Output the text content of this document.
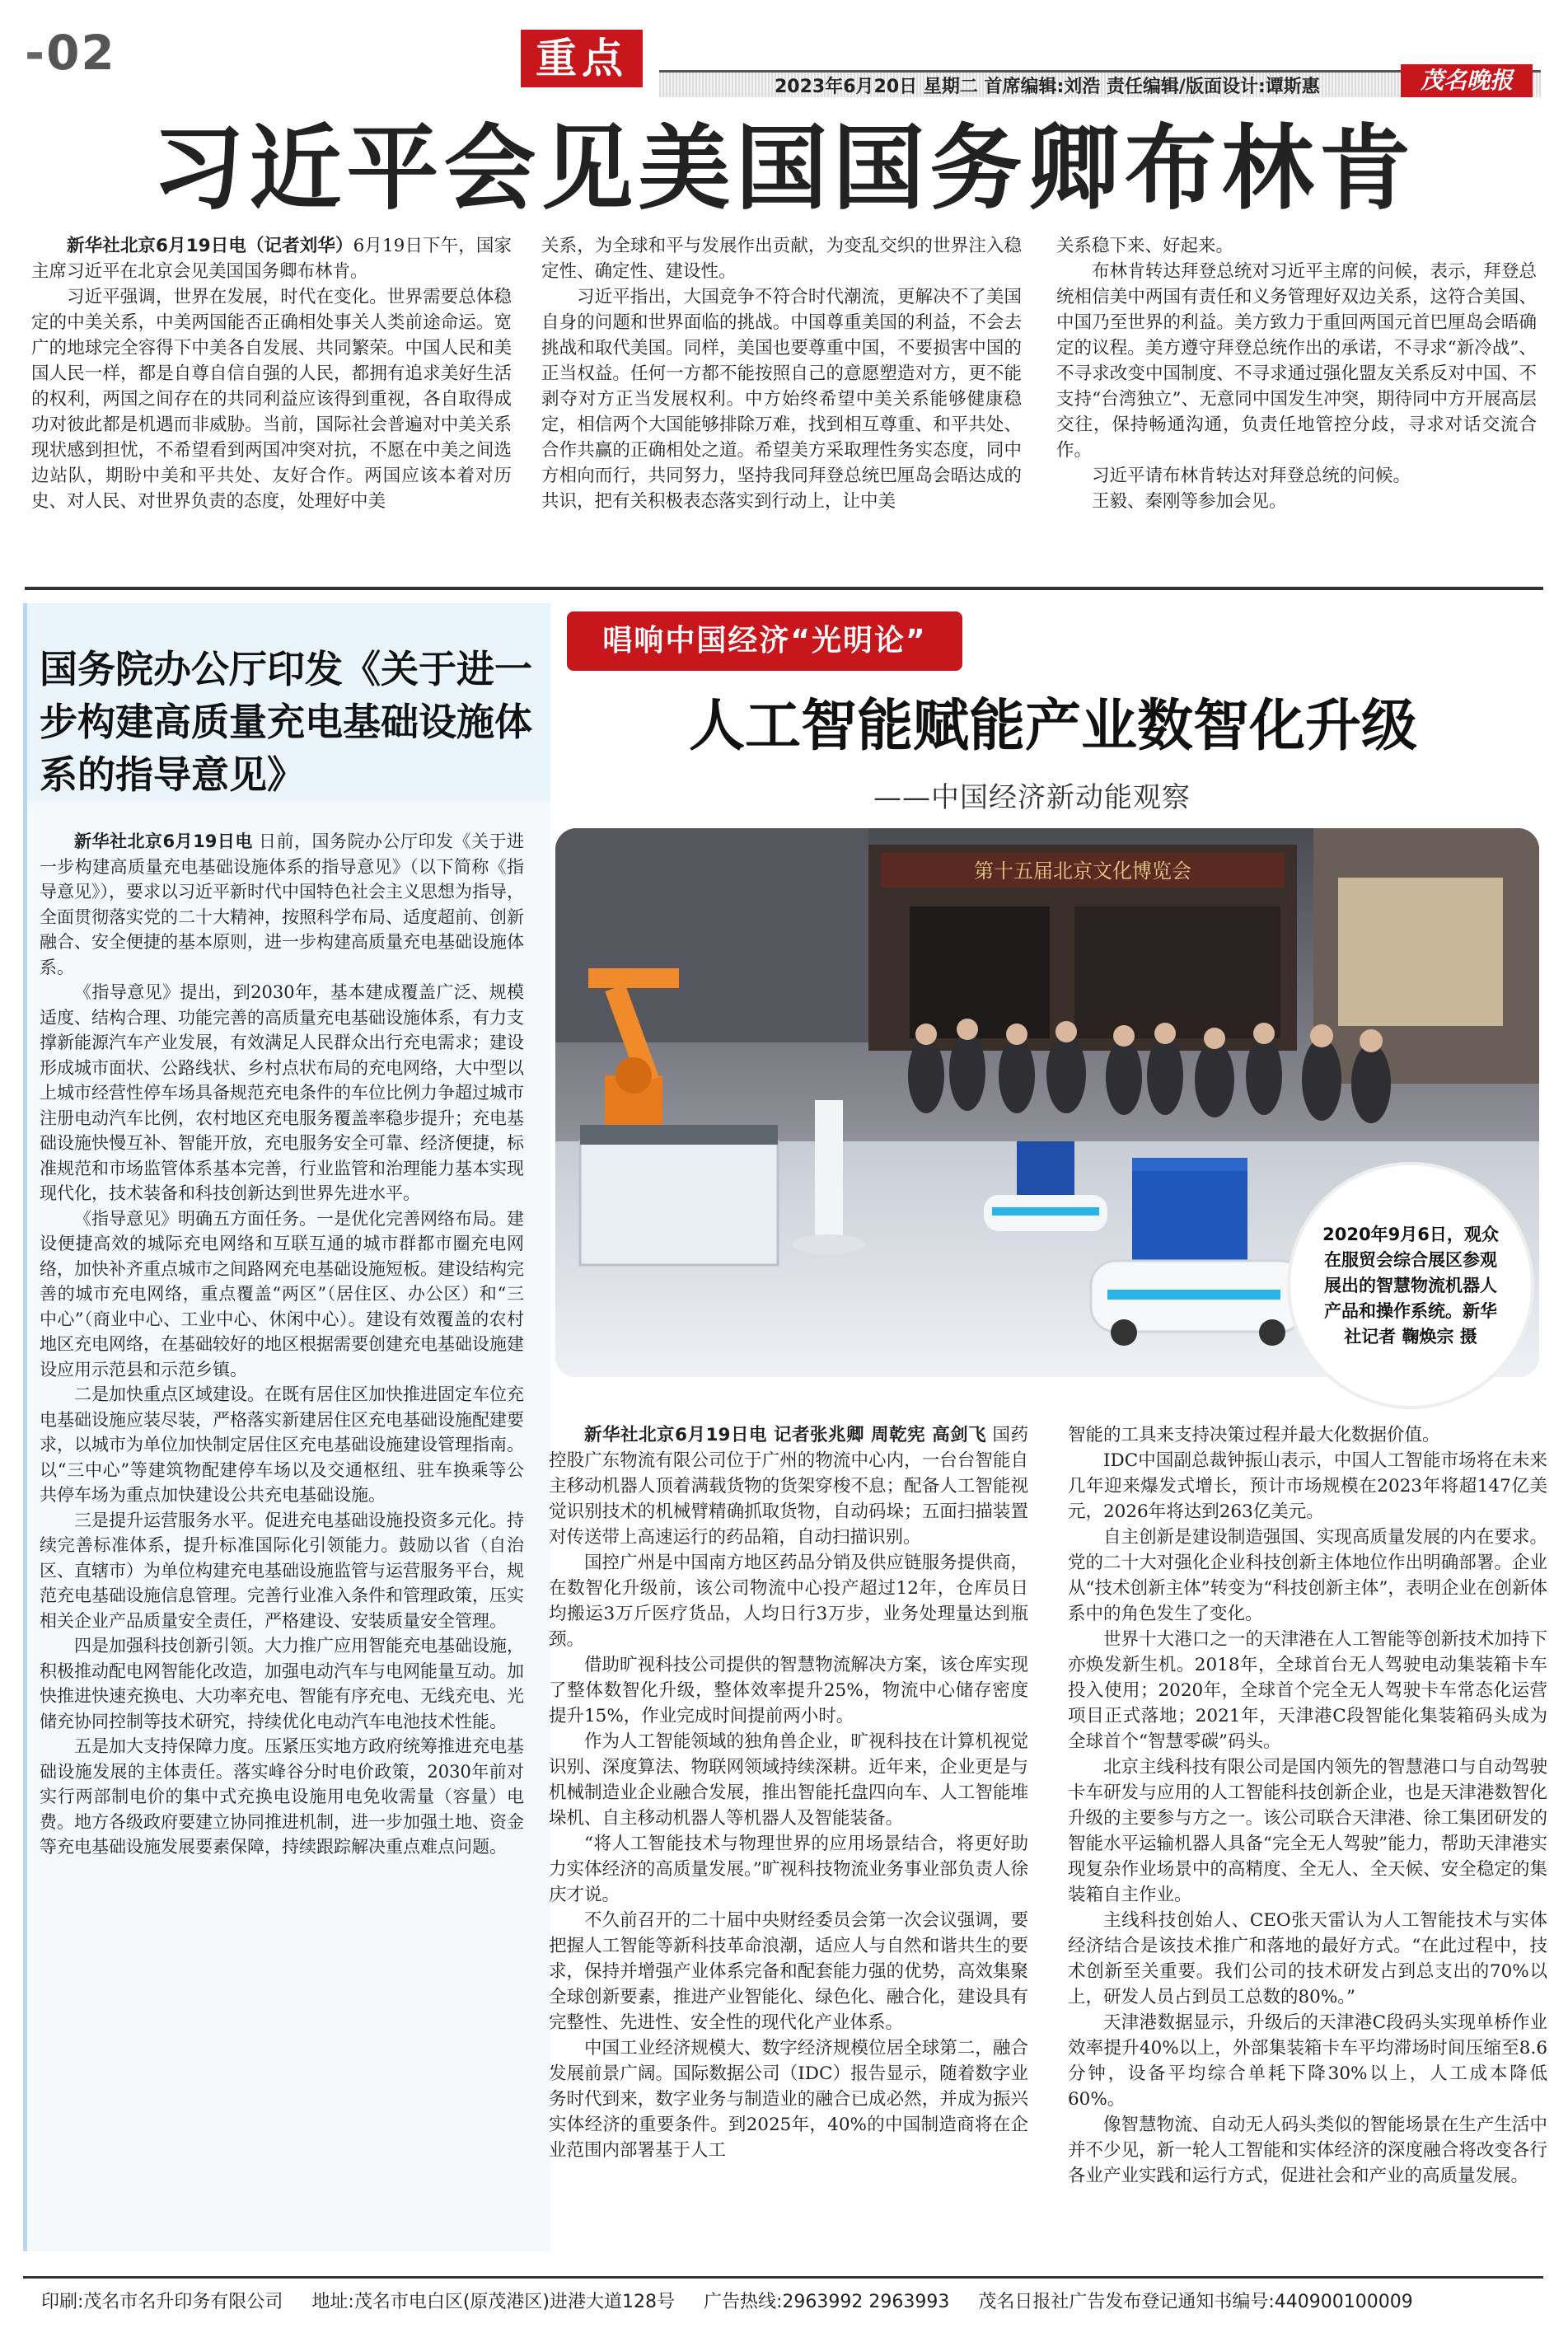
-02	重点
2023年6月20日 星期二 首席编辑:刘浩 责任编辑/版面设计:谭斯惠	茂名晚报
习近平会见美国国务卿布林肯

新华社北京6月19日电（记者刘华）6月19日下午，国家主席习近平在北京会见美国国务卿布林肯。

习近平强调，世界在发展，时代在变化。世界需要总体稳定的中美关系，中美两国能否正确相处事关人类前途命运。宽广的地球完全容得下中美各自发展、共同繁荣。中国人民和美国人民一样，都是自尊自信自强的人民，都拥有追求美好生活的权利，两国之间存在的共同利益应该得到重视，各自取得成功对彼此都是机遇而非威胁。当前，国际社会普遍对中美关系现状感到担忧，不希望看到两国冲突对抗，不愿在中美之间选边站队，期盼中美和平共处、友好合作。两国应该本着对历史、对人民、对世界负责的态度，处理好中美

关系，为全球和平与发展作出贡献，为变乱交织的世界注入稳定性、确定性、建设性。

习近平指出，大国竞争不符合时代潮流，更解决不了美国自身的问题和世界面临的挑战。中国尊重美国的利益，不会去挑战和取代美国。同样，美国也要尊重中国，不要损害中国的正当权益。任何一方都不能按照自己的意愿塑造对方，更不能剥夺对方正当发展权利。中方始终希望中美关系能够健康稳定，相信两个大国能够排除万难，找到相互尊重、和平共处、合作共赢的正确相处之道。希望美方采取理性务实态度，同中方相向而行，共同努力，坚持我同拜登总统巴厘岛会晤达成的共识，把有关积极表态落实到行动上，让中美

关系稳下来、好起来。

布林肯转达拜登总统对习近平主席的问候，表示，拜登总统相信美中两国有责任和义务管理好双边关系，这符合美国、中国乃至世界的利益。美方致力于重回两国元首巴厘岛会晤确定的议程。美方遵守拜登总统作出的承诺，不寻求“新冷战”、不寻求改变中国制度、不寻求通过强化盟友关系反对中国、不支持“台湾独立”、无意同中国发生冲突，期待同中方开展高层交往，保持畅通沟通，负责任地管控分歧，寻求对话交流合作。

习近平请布林肯转达对拜登总统的问候。

王毅、秦刚等参加会见。

国务院办公厅印发《关于进一步构建高质量充电基础设施体系的指导意见》

新华社北京6月19日电 日前，国务院办公厅印发《关于进一步构建高质量充电基础设施体系的指导意见》（以下简称《指导意见》），要求以习近平新时代中国特色社会主义思想为指导，全面贯彻落实党的二十大精神，按照科学布局、适度超前、创新融合、安全便捷的基本原则，进一步构建高质量充电基础设施体系。

《指导意见》提出，到2030年，基本建成覆盖广泛、规模适度、结构合理、功能完善的高质量充电基础设施体系，有力支撑新能源汽车产业发展，有效满足人民群众出行充电需求；建设形成城市面状、公路线状、乡村点状布局的充电网络，大中型以上城市经营性停车场具备规范充电条件的车位比例力争超过城市注册电动汽车比例，农村地区充电服务覆盖率稳步提升；充电基础设施快慢互补、智能开放，充电服务安全可靠、经济便捷，标准规范和市场监管体系基本完善，行业监管和治理能力基本实现现代化，技术装备和科技创新达到世界先进水平。

《指导意见》明确五方面任务。一是优化完善网络布局。建设便捷高效的城际充电网络和互联互通的城市群都市圈充电网络，加快补齐重点城市之间路网充电基础设施短板。建设结构完善的城市充电网络，重点覆盖“两区”（居住区、办公区）和“三中心”（商业中心、工业中心、休闲中心）。建设有效覆盖的农村地区充电网络，在基础较好的地区根据需要创建充电基础设施建设应用示范县和示范乡镇。

二是加快重点区域建设。在既有居住区加快推进固定车位充电基础设施应装尽装，严格落实新建居住区充电基础设施配建要求，以城市为单位加快制定居住区充电基础设施建设管理指南。以“三中心”等建筑物配建停车场以及交通枢纽、驻车换乘等公共停车场为重点加快建设公共充电基础设施。

三是提升运营服务水平。促进充电基础设施投资多元化。持续完善标准体系，提升标准国际化引领能力。鼓励以省（自治区、直辖市）为单位构建充电基础设施监管与运营服务平台，规范充电基础设施信息管理。完善行业准入条件和管理政策，压实相关企业产品质量安全责任，严格建设、安装质量安全管理。

四是加强科技创新引领。大力推广应用智能充电基础设施，积极推动配电网智能化改造，加强电动汽车与电网能量互动。加快推进快速充换电、大功率充电、智能有序充电、无线充电、光储充协同控制等技术研究，持续优化电动汽车电池技术性能。

五是加大支持保障力度。压紧压实地方政府统筹推进充电基础设施发展的主体责任。落实峰谷分时电价政策，2030年前对实行两部制电价的集中式充换电设施用电免收需量（容量）电费。地方各级政府要建立协同推进机制，进一步加强土地、资金等充电基础设施发展要素保障，持续跟踪解决重点难点问题。

唱响中国经济“光明论”
人工智能赋能产业数智化升级
——中国经济新动能观察
第十五届北京文化博览会
2020年9月6日，观众在服贸会综合展区参观展出的智慧物流机器人产品和操作系统。新华社记者 鞠焕宗 摄

新华社北京6月19日电 记者张兆卿 周乾宪 高剑飞 国药控股广东物流有限公司位于广州的物流中心内，一台台智能自主移动机器人顶着满载货物的货架穿梭不息；配备人工智能视觉识别技术的机械臂精确抓取货物，自动码垛；五面扫描装置对传送带上高速运行的药品箱，自动扫描识别。

国控广州是中国南方地区药品分销及供应链服务提供商，在数智化升级前，该公司物流中心投产超过12年，仓库员日均搬运3万斤医疗货品，人均日行3万步，业务处理量达到瓶颈。

借助旷视科技公司提供的智慧物流解决方案，该仓库实现了整体数智化升级，整体效率提升25%，物流中心储存密度提升15%，作业完成时间提前两小时。

作为人工智能领域的独角兽企业，旷视科技在计算机视觉识别、深度算法、物联网领域持续深耕。近年来，企业更是与机械制造业企业融合发展，推出智能托盘四向车、人工智能堆垛机、自主移动机器人等机器人及智能装备。

“将人工智能技术与物理世界的应用场景结合，将更好助力实体经济的高质量发展。”旷视科技物流业务事业部负责人徐庆才说。

不久前召开的二十届中央财经委员会第一次会议强调，要把握人工智能等新科技革命浪潮，适应人与自然和谐共生的要求，保持并增强产业体系完备和配套能力强的优势，高效集聚全球创新要素，推进产业智能化、绿色化、融合化，建设具有完整性、先进性、安全性的现代化产业体系。

中国工业经济规模大、数字经济规模位居全球第二，融合发展前景广阔。国际数据公司（IDC）报告显示，随着数字业务时代到来，数字业务与制造业的融合已成必然，并成为振兴实体经济的重要条件。到2025年，40%的中国制造商将在企业范围内部署基于人工

智能的工具来支持决策过程并最大化数据价值。

IDC中国副总裁钟振山表示，中国人工智能市场将在未来几年迎来爆发式增长，预计市场规模在2023年将超147亿美元，2026年将达到263亿美元。

自主创新是建设制造强国、实现高质量发展的内在要求。党的二十大对强化企业科技创新主体地位作出明确部署。企业从“技术创新主体”转变为“科技创新主体”，表明企业在创新体系中的角色发生了变化。

世界十大港口之一的天津港在人工智能等创新技术加持下亦焕发新生机。2018年，全球首台无人驾驶电动集装箱卡车投入使用；2020年，全球首个完全无人驾驶卡车常态化运营项目正式落地；2021年，天津港C段智能化集装箱码头成为全球首个“智慧零碳”码头。

北京主线科技有限公司是国内领先的智慧港口与自动驾驶卡车研发与应用的人工智能科技创新企业，也是天津港数智化升级的主要参与方之一。该公司联合天津港、徐工集团研发的智能水平运输机器人具备“完全无人驾驶”能力，帮助天津港实现复杂作业场景中的高精度、全无人、全天候、安全稳定的集装箱自主作业。

主线科技创始人、CEO张天雷认为人工智能技术与实体经济结合是该技术推广和落地的最好方式。“在此过程中，技术创新至关重要。我们公司的技术研发占到总支出的70%以上，研发人员占到员工总数的80%。”

天津港数据显示，升级后的天津港C段码头实现单桥作业效率提升40%以上，外部集装箱卡车平均滞场时间压缩至8.6分钟，设备平均综合单耗下降30%以上，人工成本降低60%。

像智慧物流、自动无人码头类似的智能场景在生产生活中并不少见，新一轮人工智能和实体经济的深度融合将改变各行各业产业实践和运行方式，促进社会和产业的高质量发展。

印刷:茂名市名升印务有限公司 地址:茂名市电白区(原茂港区)进港大道128号 广告热线:2963992 2963993 茂名日报社广告发布登记通知书编号:440900100009
